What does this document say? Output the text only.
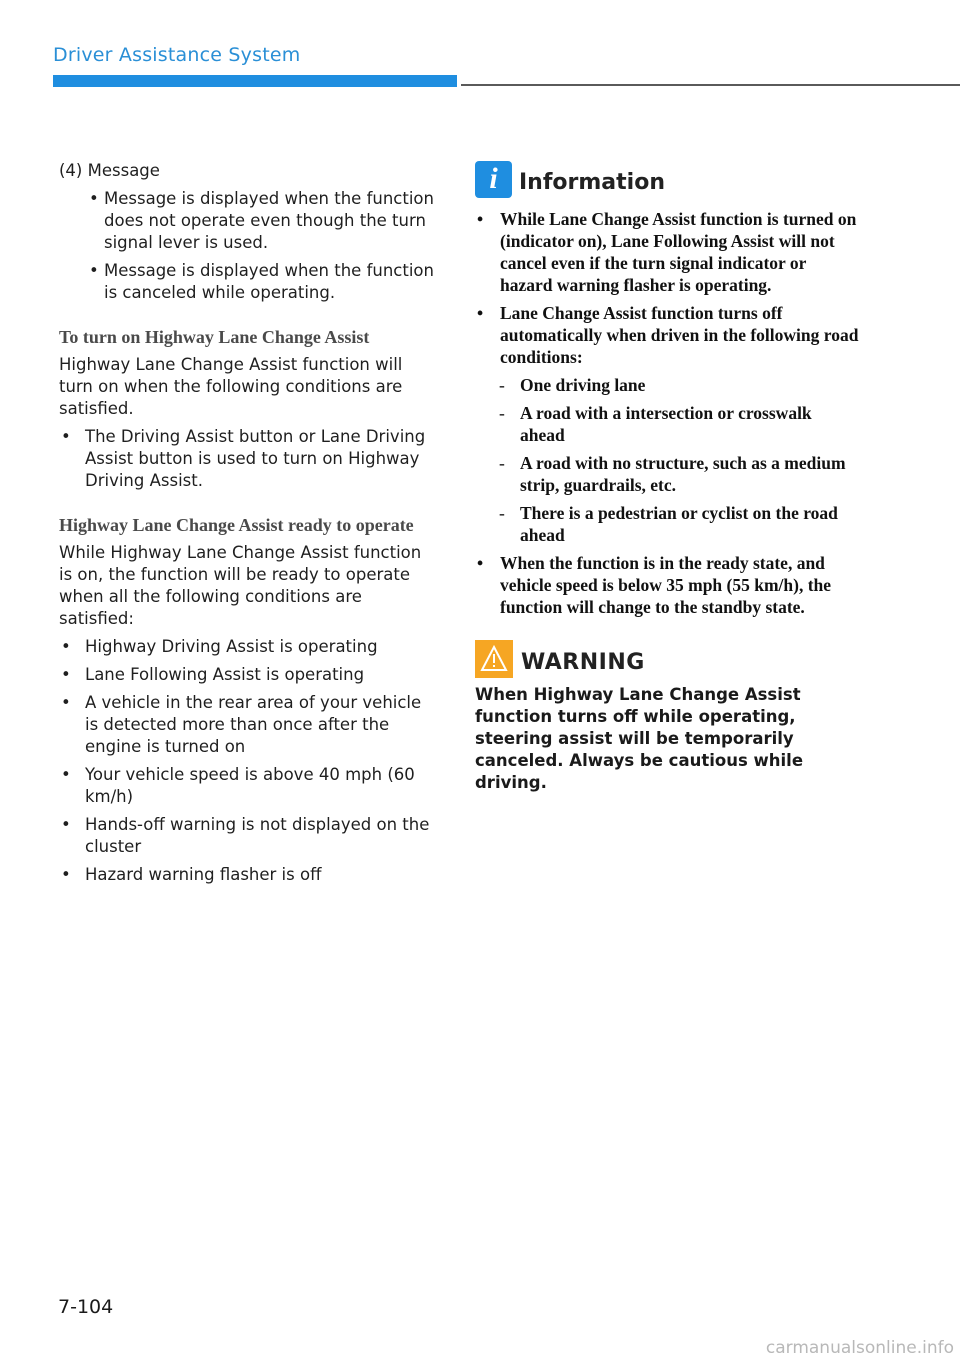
Driver Assistance System
(4) Message
• Message is displayed when the function does not operate even though the turn signal lever is used.
• Message is displayed when the function is canceled while operating.
To turn on Highway Lane Change Assist
Highway Lane Change Assist function will turn on when the following conditions are satisfied.
• The Driving Assist button or Lane Driving Assist button is used to turn on Highway Driving Assist.
Highway Lane Change Assist ready to operate
While Highway Lane Change Assist function is on, the function will be ready to operate when all the following conditions are satisfied:
• Highway Driving Assist is operating
• Lane Following Assist is operating
• A vehicle in the rear area of your vehicle is detected more than once after the engine is turned on
• Your vehicle speed is above 40 mph (60 km/h)
• Hands-off warning is not displayed on the cluster
• Hazard warning flasher is off
i Information
• While Lane Change Assist function is turned on (indicator on), Lane Following Assist will not cancel even if the turn signal indicator or hazard warning flasher is operating.
• Lane Change Assist function turns off automatically when driven in the following road conditions:
- One driving lane
- A road with a intersection or crosswalk ahead
- A road with no structure, such as a medium strip, guardrails, etc.
- There is a pedestrian or cyclist on the road ahead
• When the function is in the ready state, and vehicle speed is below 35 mph (55 km/h), the function will change to the standby state.
WARNING
When Highway Lane Change Assist function turns off while operating, steering assist will be temporarily canceled. Always be cautious while driving.
7-104
carmanualsonline.info
